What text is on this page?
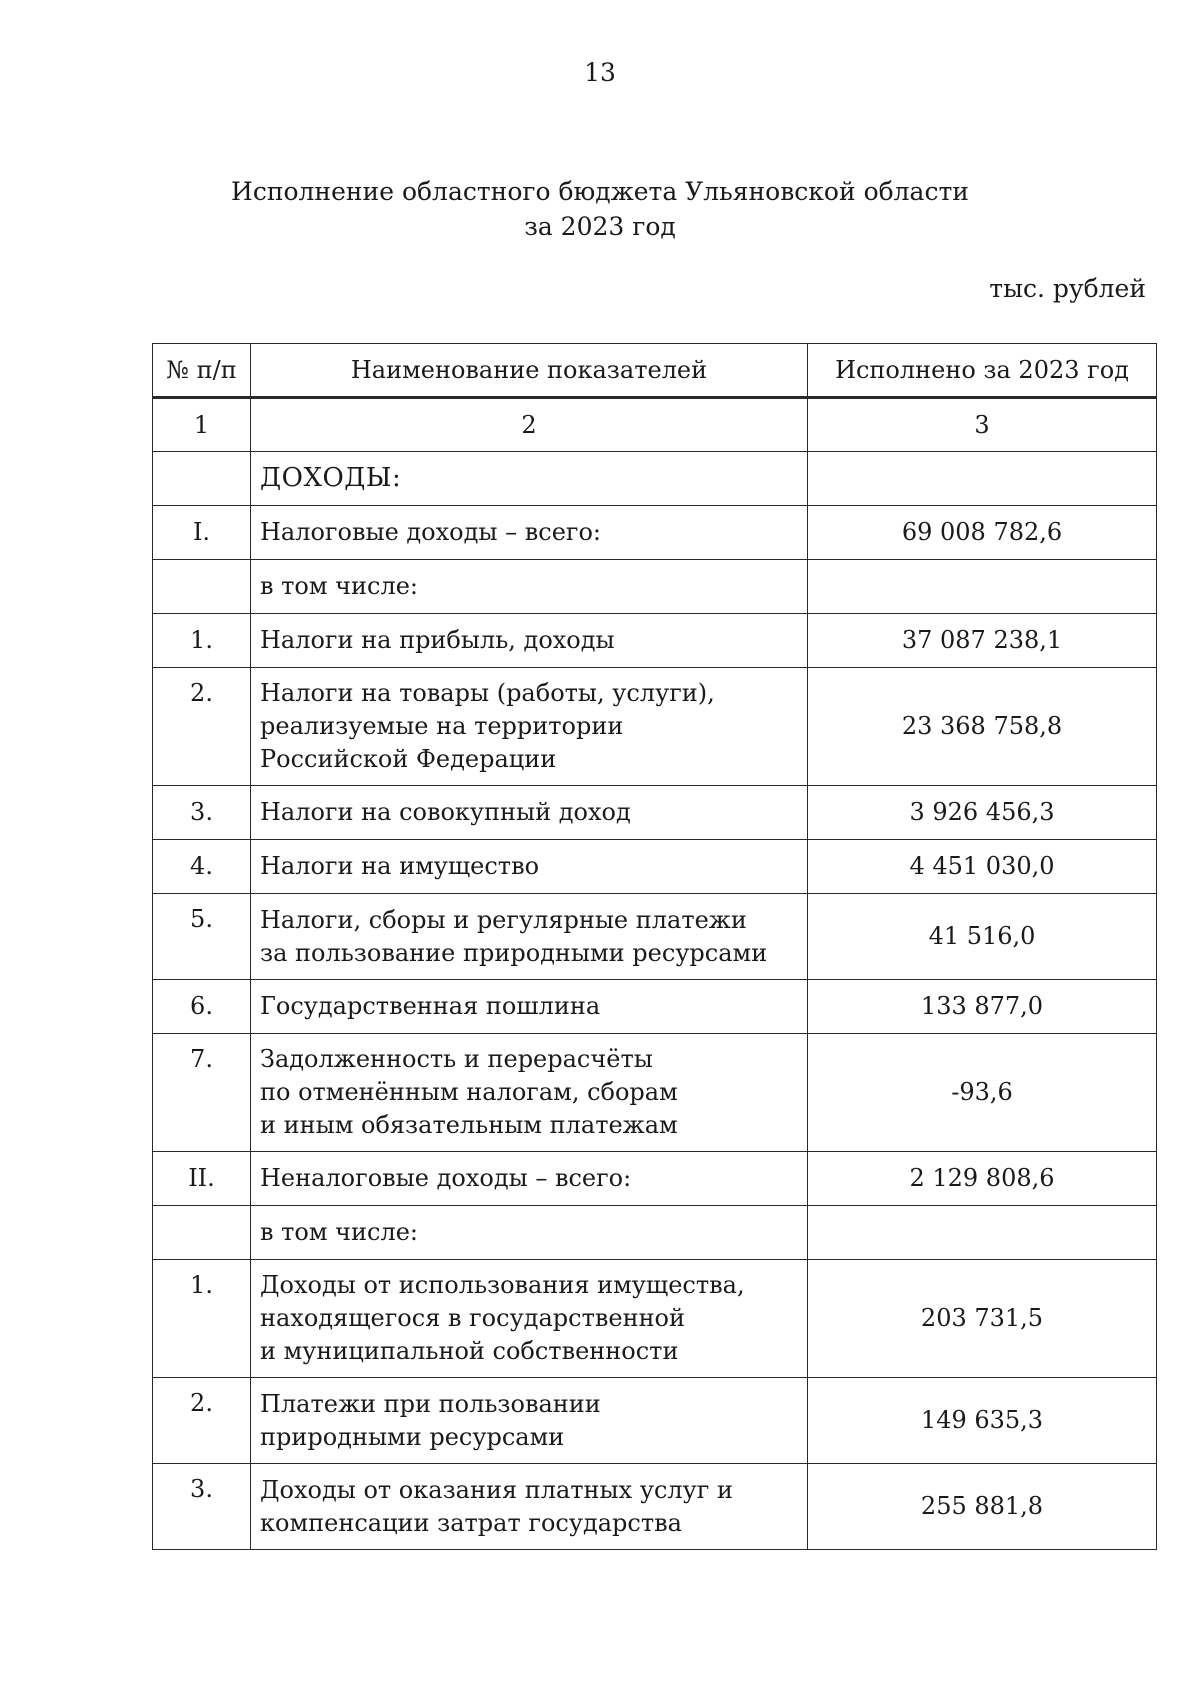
13
Исполнение областного бюджета Ульяновской области
за 2023 год
тыс. рублей
№ п/п	Наименование показателей	Исполнено за 2023 год
1	2	3

	ДОХОДЫ:	

I.	Налоговые доходы – всего:	69 008 782,6

	в том числе:	

1.	Налоги на прибыль, доходы	37 087 238,1
2.	Налоги на товары (работы, услуги),
реализуемые на территории
Российской Федерации	23 368 758,8
3.	Налоги на совокупный доход	3 926 456,3
4.	Налоги на имущество	4 451 030,0
5.	Налоги, сборы и регулярные платежи
за пользование природными ресурсами	41 516,0
6.	Государственная пошлина	133 877,0
7.	Задолженность и перерасчёты
по отменённым налогам, сборам
и иным обязательным платежам	-93,6
II.	Неналоговые доходы – всего:	2 129 808,6

	в том числе:	

1.	Доходы от использования имущества,
находящегося в государственной
и муниципальной собственности	203 731,5
2.	Платежи при пользовании
природными ресурсами	149 635,3
3.	Доходы от оказания платных услуг и
компенсации затрат государства	255 881,8
